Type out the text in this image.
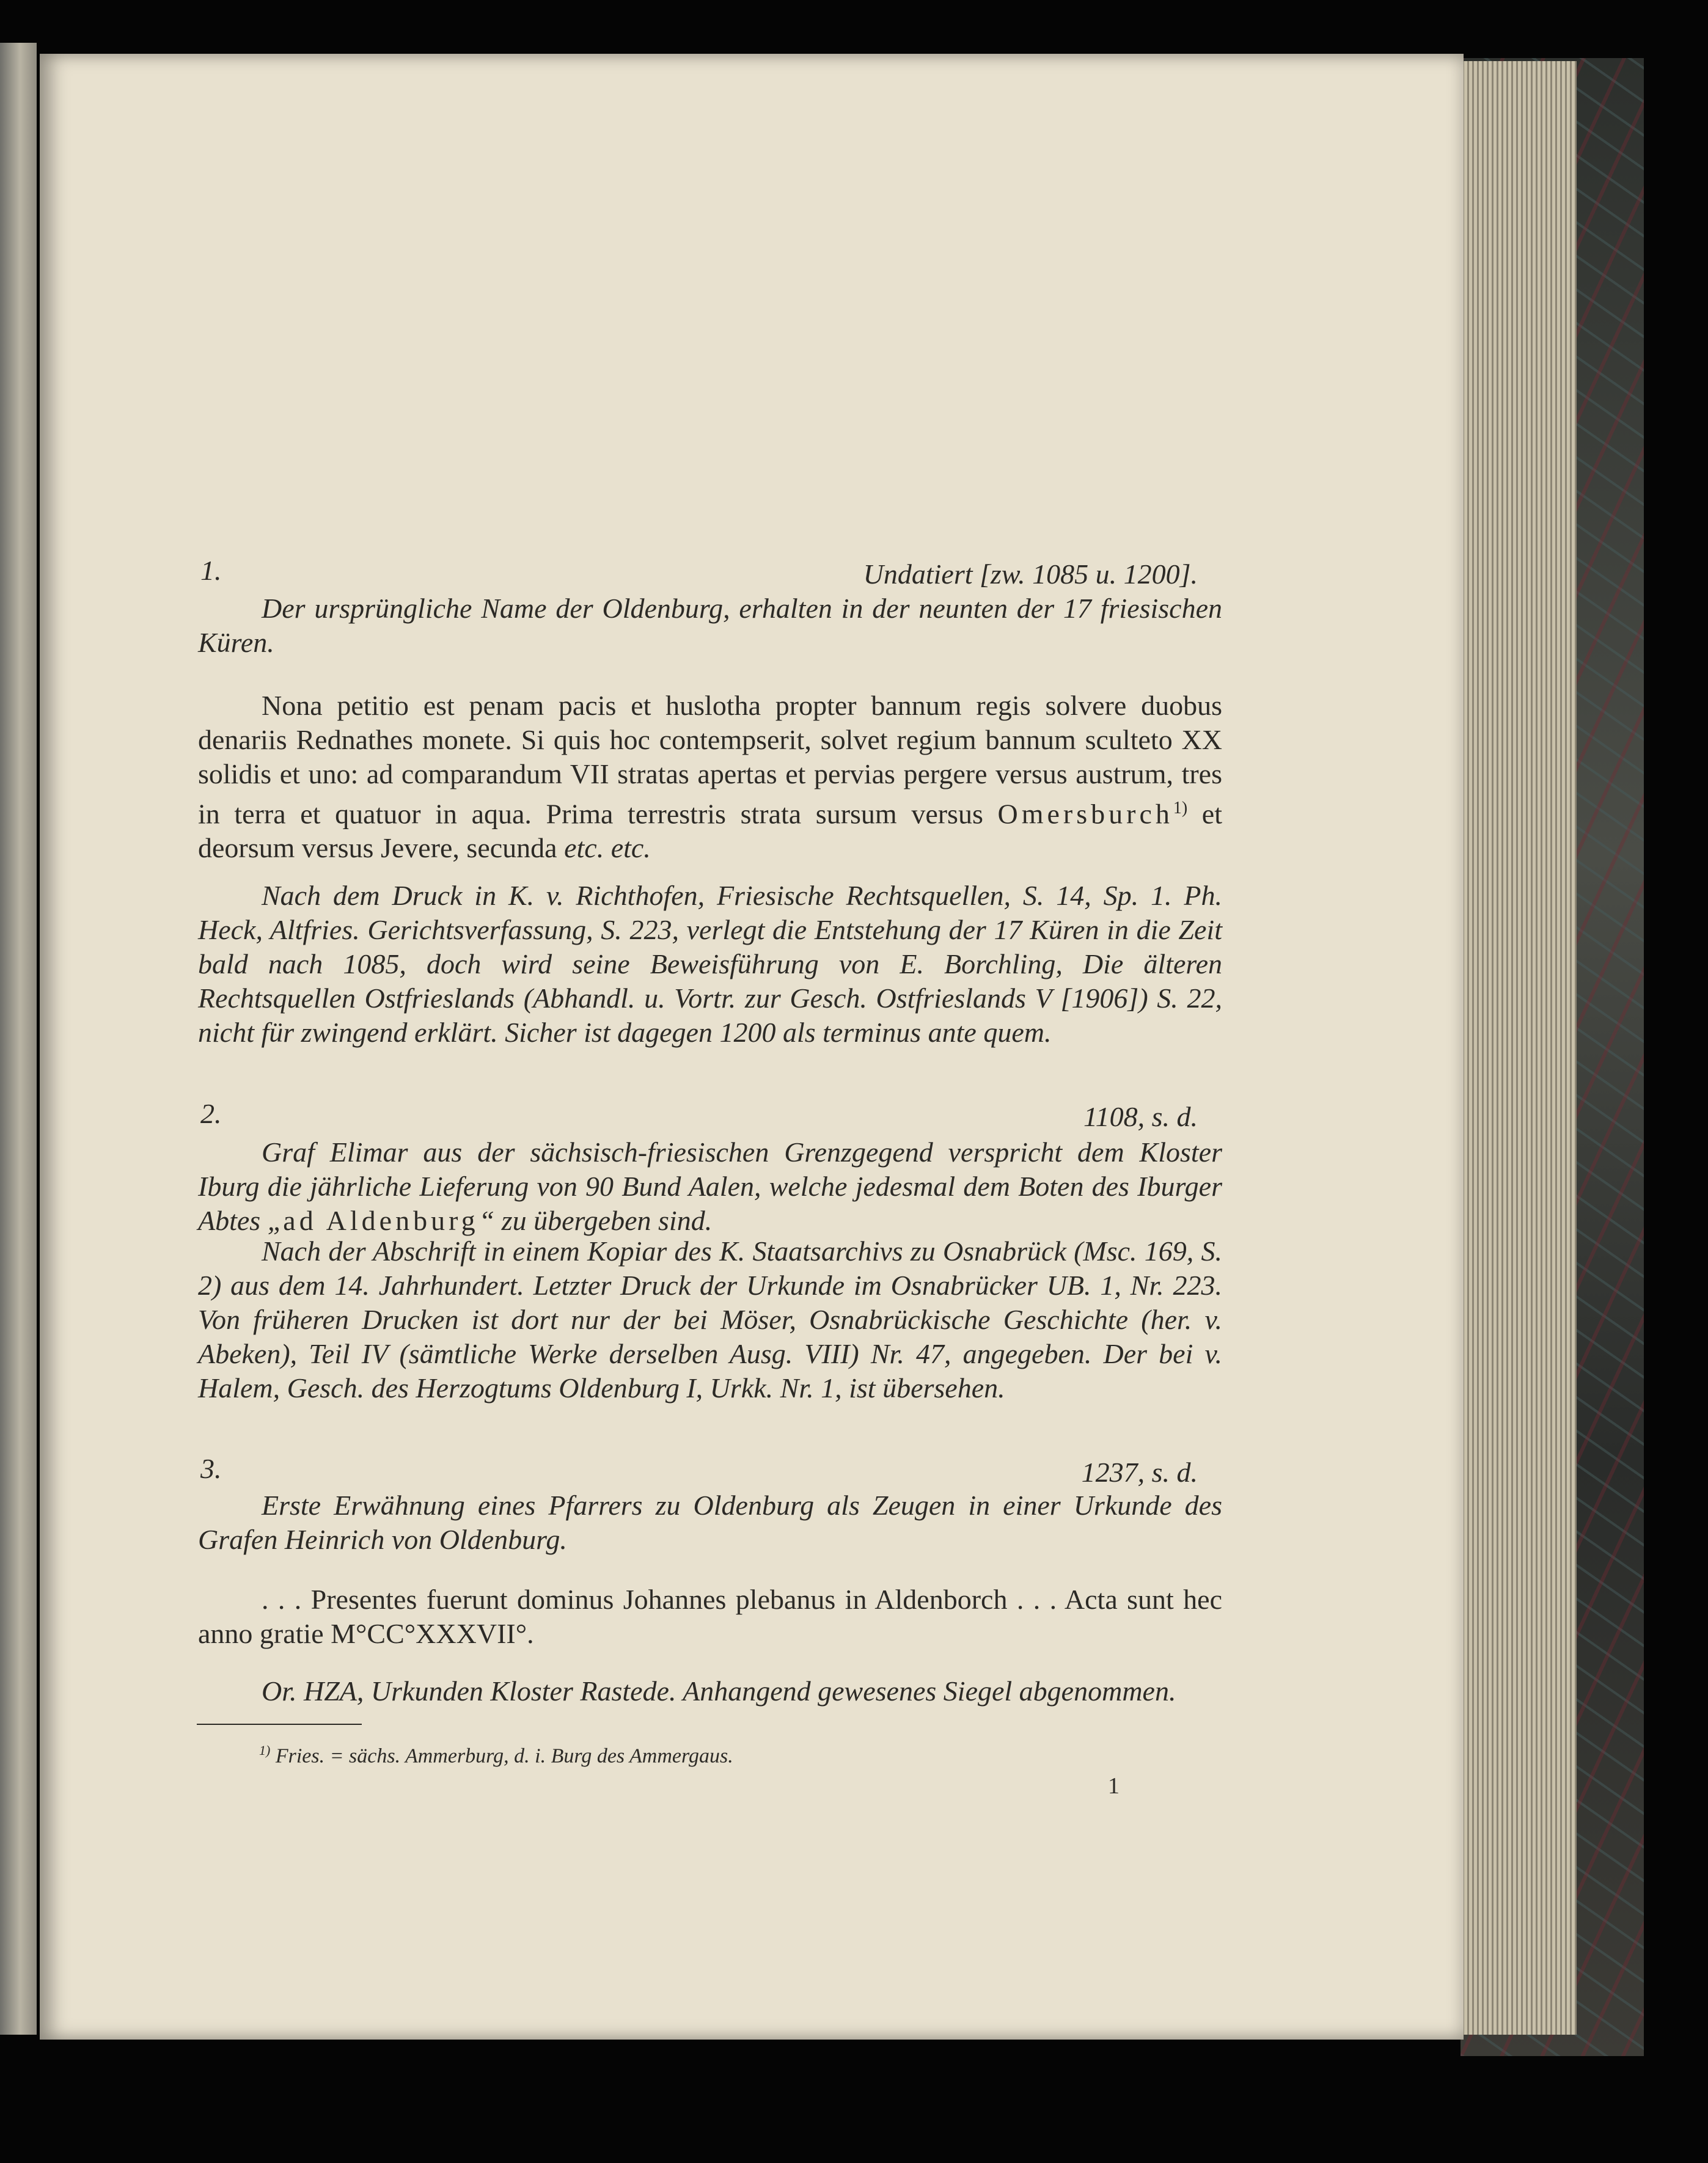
1.	Undatiert [zw. 1085 u. 1200].

Der ursprüngliche Name der Oldenburg, erhalten in der neunten der 17 friesischen Küren.

Nona petitio est penam pacis et huslotha propter bannum regis solvere duobus denariis Rednathes monete. Si quis hoc contempserit, solvet regium bannum sculteto XX solidis et uno: ad comparandum VII stratas apertas et pervias pergere versus austrum, tres in terra et quatuor in aqua. Prima terrestris strata sursum versus Omersburch$^{1)}$ et deorsum versus Jevere, secunda etc. etc.

Nach dem Druck in K. v. Richthofen, Friesische Rechtsquellen, S. 14, Sp. 1. Ph. Heck, Altfries. Gerichtsverfassung, S. 223, verlegt die Entstehung der 17 Küren in die Zeit bald nach 1085, doch wird seine Beweisführung von E. Borchling, Die älteren Rechtsquellen Ostfrieslands (Abhandl. u. Vortr. zur Gesch. Ostfrieslands V [1906]) S. 22, nicht für zwingend erklärt. Sicher ist dagegen 1200 als terminus ante quem.

2.	1108, s. d.

Graf Elimar aus der sächsisch-friesischen Grenzgegend verspricht dem Kloster Iburg die jährliche Lieferung von 90 Bund Aalen, welche jedesmal dem Boten des Iburger Abtes „ad Aldenburg“ zu übergeben sind.

Nach der Abschrift in einem Kopiar des K. Staatsarchivs zu Osnabrück (Msc. 169, S. 2) aus dem 14. Jahrhundert. Letzter Druck der Urkunde im Osnabrücker UB. 1, Nr. 223. Von früheren Drucken ist dort nur der bei Möser, Osnabrückische Geschichte (her. v. Abeken), Teil IV (sämtliche Werke derselben Ausg. VIII) Nr. 47, angegeben. Der bei v. Halem, Gesch. des Herzogtums Oldenburg I, Urkk. Nr. 1, ist übersehen.

3.	1237, s. d.

Erste Erwähnung eines Pfarrers zu Oldenburg als Zeugen in einer Urkunde des Grafen Heinrich von Oldenburg.

. . . Presentes fuerunt dominus Johannes plebanus in Aldenborch . . . Acta sunt hec anno gratie M°CC°XXXVII°.

Or. HZA, Urkunden Kloster Rastede. Anhangend gewesenes Siegel abgenommen.

$^{1)}$ Fries. = sächs. Ammerburg, d. i. Burg des Ammergaus.
1
